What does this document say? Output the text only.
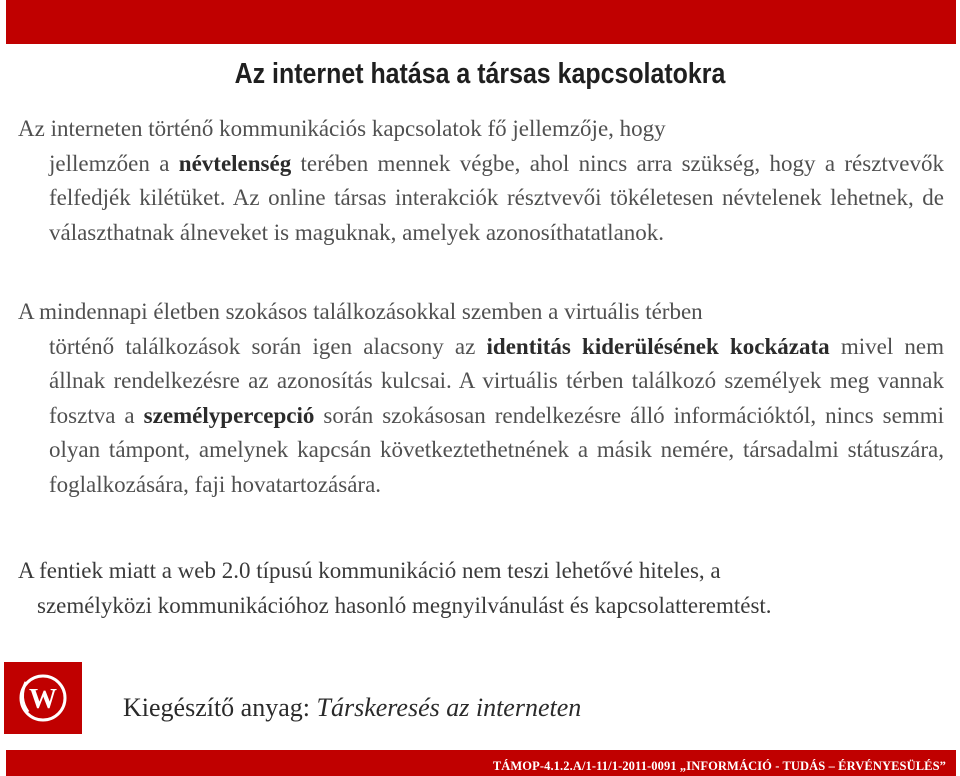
Az internet hatása a társas kapcsolatokra
Az interneten történő kommunikációs kapcsolatok fő jellemzője, hogy
jellemzően a névtelenség terében mennek végbe, ahol nincs arra szükség, hogy a résztvevők felfedjék kilétüket. Az online társas interakciók résztvevői tökéletesen névtelenek lehetnek, de választhatnak álneveket is maguknak, amelyek azonosíthatatlanok.
A mindennapi életben szokásos találkozásokkal szemben a virtuális térben
történő találkozások során igen alacsony az identitás kiderülésének kockázata mivel nem állnak rendelkezésre az azonosítás kulcsai. A virtuális térben találkozó személyek meg vannak fosztva a személypercepció során szokásosan rendelkezésre álló információktól, nincs semmi olyan támpont, amelynek kapcsán következtethetnének a másik nemére, társadalmi státuszára, foglalkozására, faji hovatartozására.
A fentiek miatt a web 2.0 típusú kommunikáció nem teszi lehetővé hiteles, a
személyközi kommunikációhoz hasonló megnyilvánulást és kapcsolatteremtést.
W	Kiegészítő anyag: Társkeresés az interneten
TÁMOP-4.1.2.A/1-11/1-2011-0091 „INFORMÁCIÓ - TUDÁS – ÉRVÉNYESÜLÉS”
